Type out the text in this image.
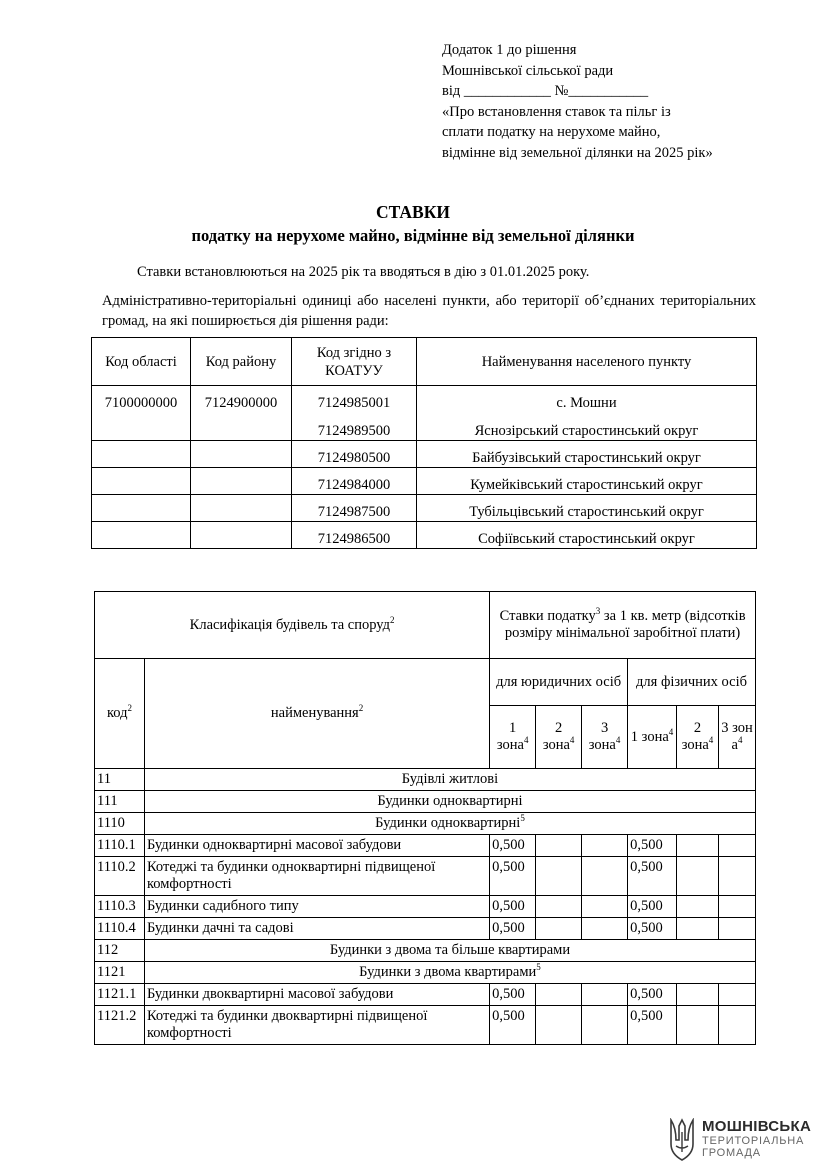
Додаток 1 до рішення
Мошнівської сільської ради
від ____________ №___________
«Про встановлення ставок та пільг із
сплати податку на нерухоме майно,
відмінне від земельної ділянки на 2025 рік»
СТАВКИ
податку на нерухоме майно, відмінне від земельної ділянки
Ставки встановлюються на 2025 рік та вводяться в дію з 01.01.2025 року.
Адміністративно-територіальні одиниці або населені пункти, або території об’єднаних територіальних громад, на які поширюється дія рішення ради:
Код області	Код району	Код згідно з КОАТУУ	Найменування населеного пункту
7100000000	7124900000	7124985001	с. Мошни
		7124989500	Яснозірський старостинський округ
		7124980500	Байбузівський старостинський округ
		7124984000	Кумейківський старостинський округ
		7124987500	Тубільцівський старостинський округ
		7124986500	Софіївський старостинський округ
Класифікація будівель та споруд$^2$		Ставки податку$^3$ за 1 кв. метр (відсотків розміру мінімальної заробітної плати)					
код$^2$	найменування$^2$	для юридичних осіб			для фізичних осіб		
		1 зона$^4$	2 зона$^4$	3 зона$^4$	1 зона$^4$	2 зона$^4$	3 зон
$а^4$
11	Будівлі житлові						
111	Будинки одноквартирні						
1110	Будинки одноквартирні$^5$
1110.1	Будинки одноквартирні масової забудови	0,500			0,500		
1110.2	Котеджі та будинки одноквартирні підвищеної комфортності	0,500			0,500		
1110.3	Будинки садибного типу	0,500			0,500		
1110.4	Будинки дачні та садові	0,500			0,500		
112	Будинки з двома та більше квартирами						
1121	Будинки з двома квартирами$^5$
1121.1	Будинки двоквартирні масової забудови	0,500			0,500		
1121.2	Котеджі та будинки двоквартирні підвищеної комфортності	0,500			0,500		
МОШНІВСЬКА
ТЕРИТОРІАЛЬНА
ГРОМАДА
